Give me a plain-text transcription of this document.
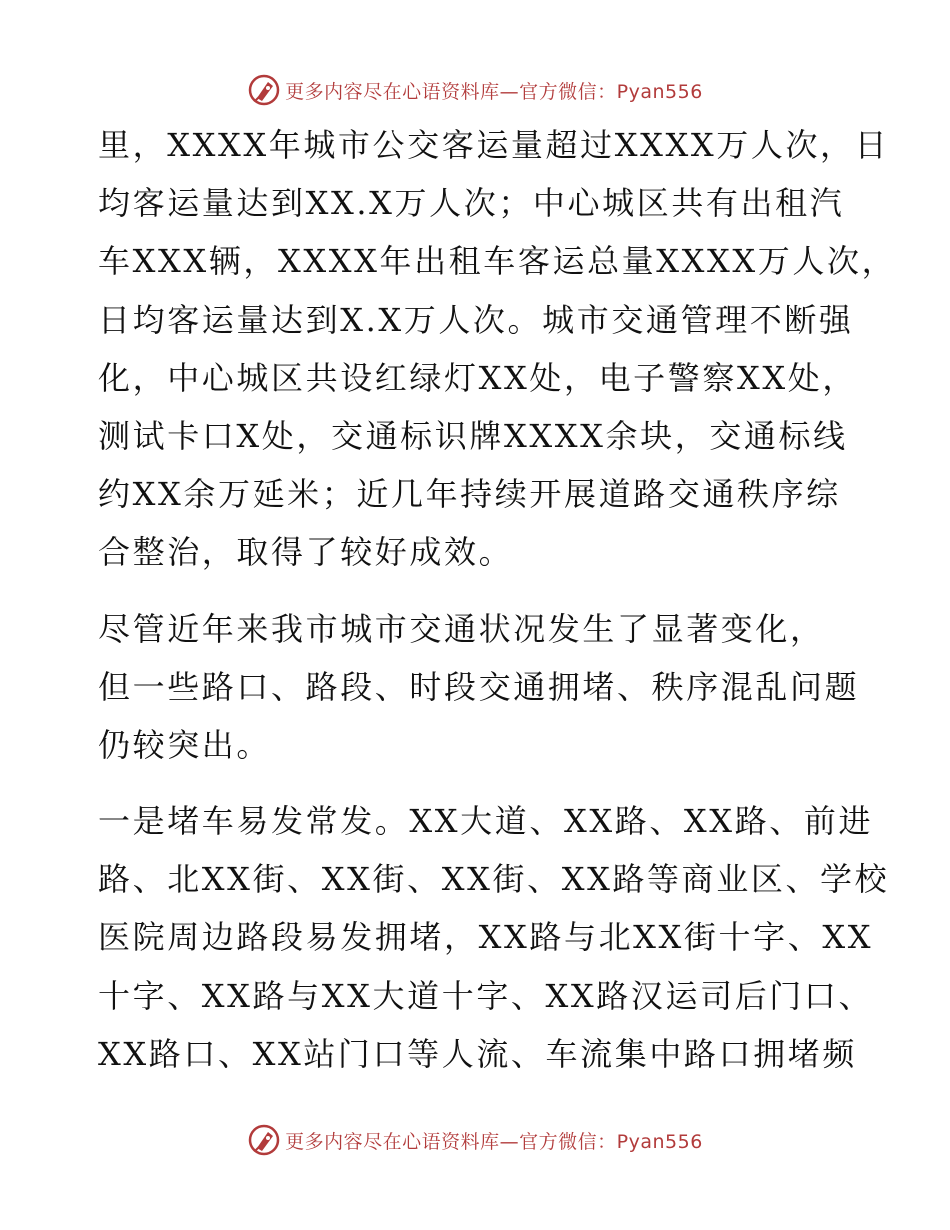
更多内容尽在心语资料库—官方微信：Pyan556
里，XXXX年城市公交客运量超过XXXX万人次，日
均客运量达到XX.X万人次；中心城区共有出租汽
车XXX辆，XXXX年出租车客运总量XXXX万人次，
日均客运量达到X.X万人次。城市交通管理不断强
化，中心城区共设红绿灯XX处，电子警察XX处，
测试卡口X处，交通标识牌XXXX余块，交通标线
约XX余万延米；近几年持续开展道路交通秩序综
合整治，取得了较好成效。
尽管近年来我市城市交通状况发生了显著变化，
但一些路口、路段、时段交通拥堵、秩序混乱问题
仍较突出。
一是堵车易发常发。XX大道、XX路、XX路、前进
路、北XX街、XX街、XX街、XX路等商业区、学校
医院周边路段易发拥堵，XX路与北XX街十字、XX
十字、XX路与XX大道十字、XX路汉运司后门口、
XX路口、XX站门口等人流、车流集中路口拥堵频
更多内容尽在心语资料库—官方微信：Pyan556
